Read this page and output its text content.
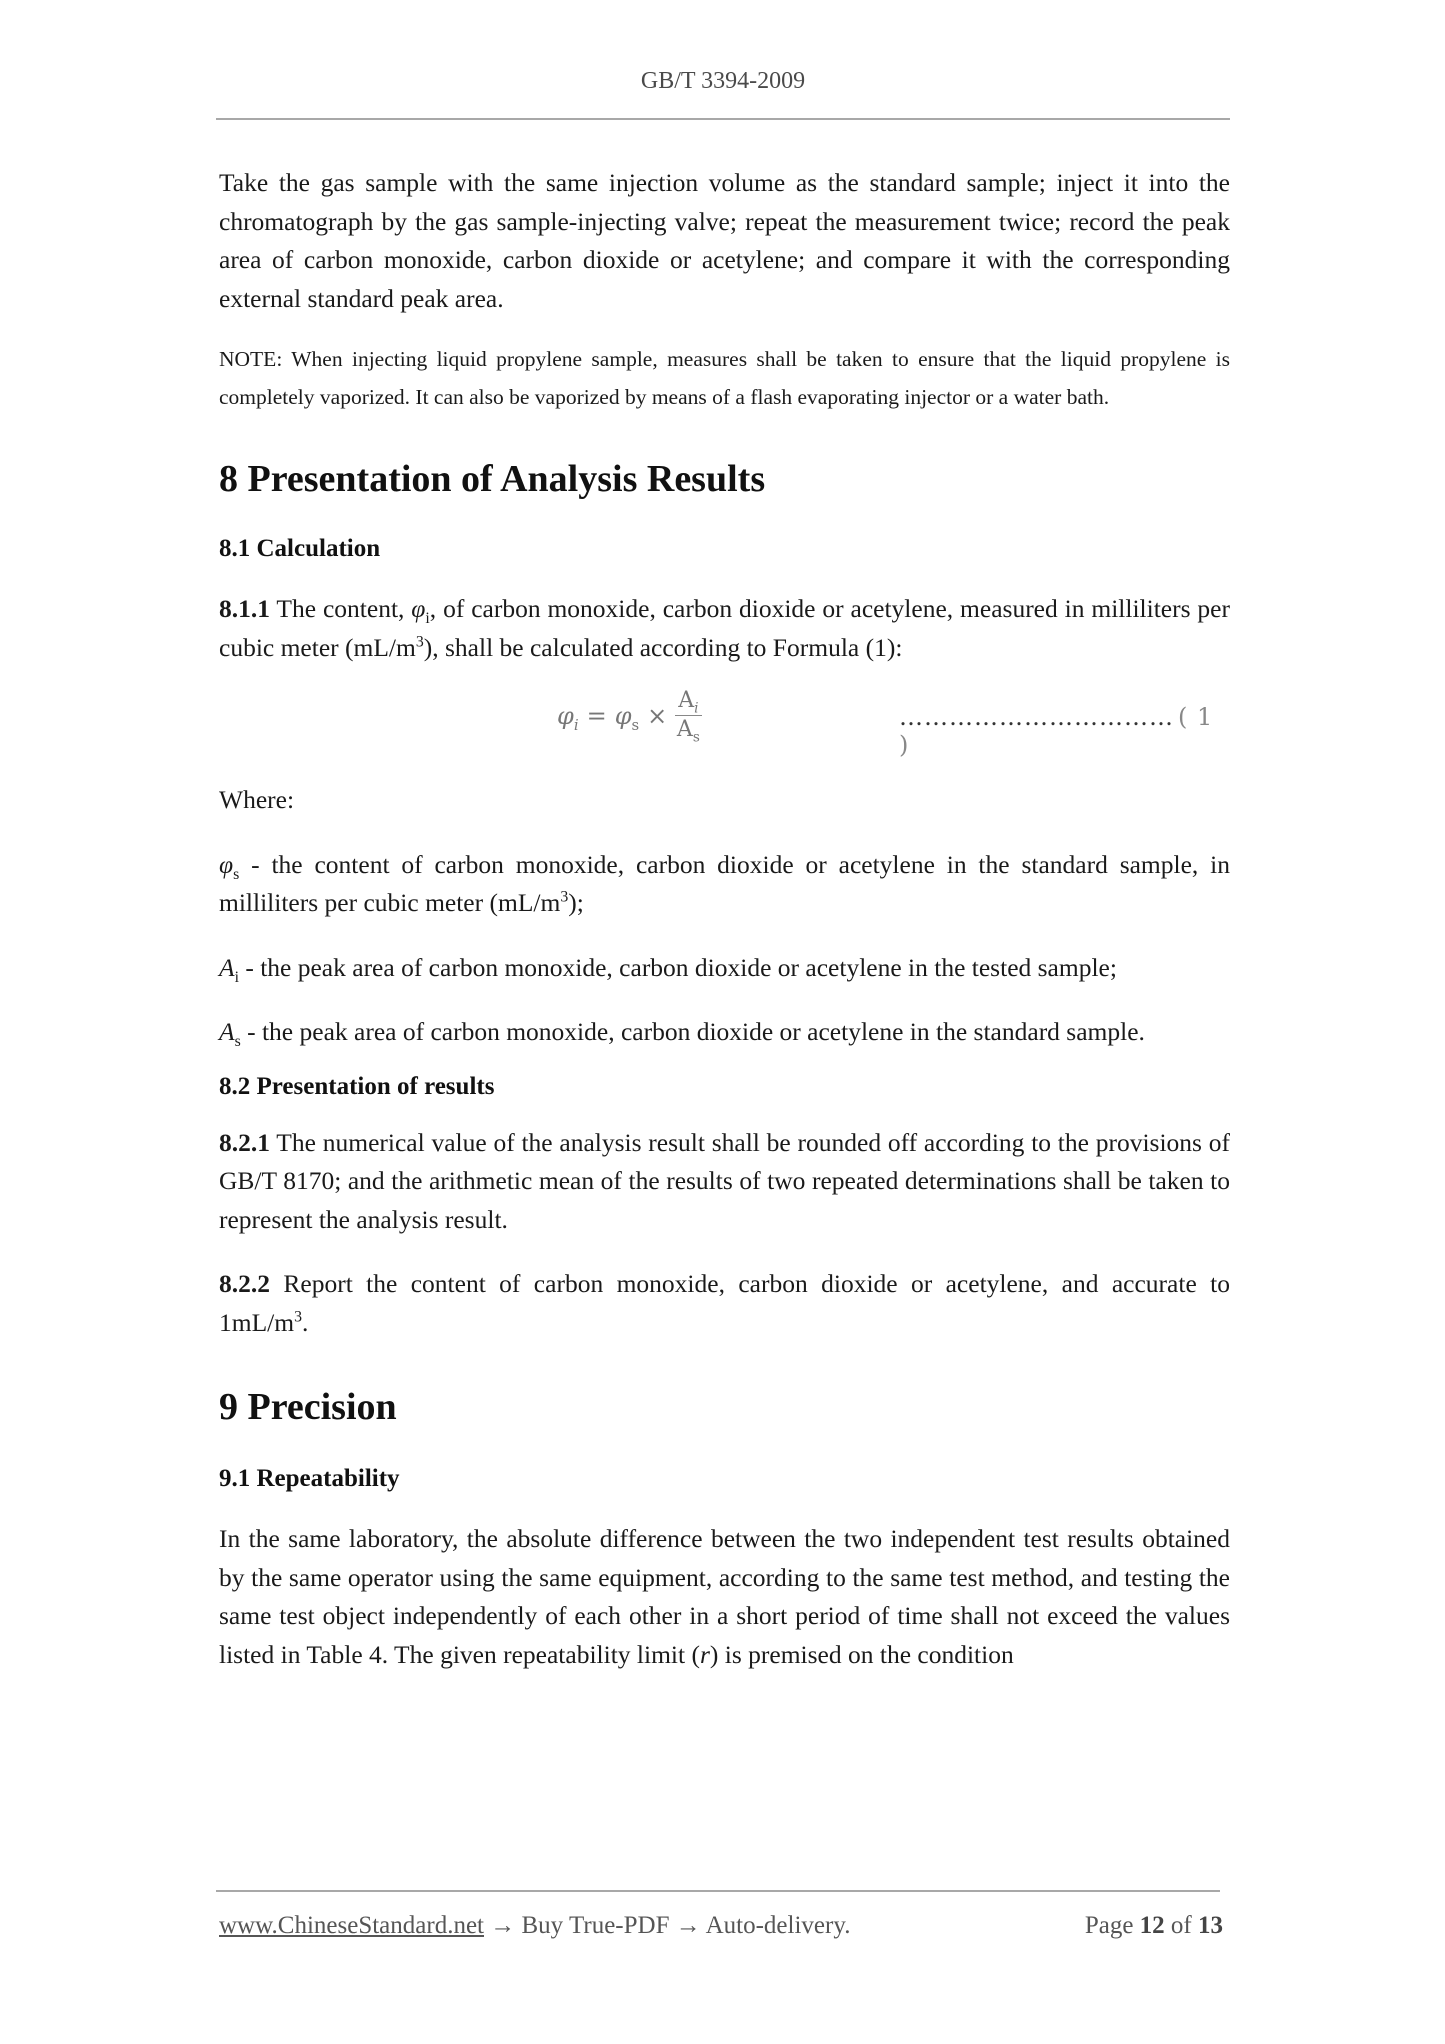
GB/T 3394-2009

Take the gas sample with the same injection volume as the standard sample; inject it into the chromatograph by the gas sample-injecting valve; repeat the measurement twice; record the peak area of carbon monoxide, carbon dioxide or acetylene; and compare it with the corresponding external standard peak area.

NOTE: When injecting liquid propylene sample, measures shall be taken to ensure that the liquid propylene is completely vaporized. It can also be vaporized by means of a flash evaporating injector or a water bath.

8 Presentation of Analysis Results
8.1 Calculation

8.1.1 The content, $\varphi_i$, of carbon monoxide, carbon dioxide or acetylene, measured in milliliters per cubic meter $(mL/m^3)$, shall be calculated according to Formula (1):

$\varphi_i = \varphi_s \times \frac{A_i}{A_s}$	…………………………… ( 1 )

Where:

$\varphi_s$ - the content of carbon monoxide, carbon dioxide or acetylene in the standard sample, in milliliters per cubic meter $(mL/m^3)$;

$A_i$ - the peak area of carbon monoxide, carbon dioxide or acetylene in the tested sample;

$A_s$ - the peak area of carbon monoxide, carbon dioxide or acetylene in the standard sample.

8.2 Presentation of results

8.2.1 The numerical value of the analysis result shall be rounded off according to the provisions of GB/T 8170; and the arithmetic mean of the results of two repeated determinations shall be taken to represent the analysis result.

8.2.2 Report the content of carbon monoxide, carbon dioxide or acetylene, and accurate to $1mL/m^3$.

9 Precision
9.1 Repeatability

In the same laboratory, the absolute difference between the two independent test results obtained by the same operator using the same equipment, according to the same test method, and testing the same test object independently of each other in a short period of time shall not exceed the values listed in Table 4. The given repeatability limit (r) is premised on the condition

www.ChineseStandard.net → Buy True-PDF → Auto-delivery.	Page 12 of 13
